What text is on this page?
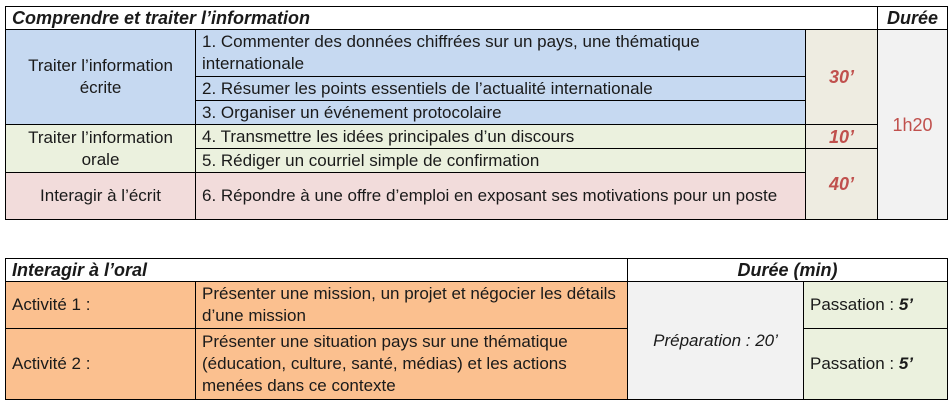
Comprendre et traiter l’information			Durée
Traiter l’information écrite	1. Commenter des données chiffrées sur un pays, une thématique internationale	30’	1h20
	2. Résumer les points essentiels de l’actualité internationale		
	3. Organiser un événement protocolaire		
Traiter l’information orale	4. Transmettre les idées principales d’un discours	10’	
	5. Rédiger un courriel simple de confirmation	40’	
Interagir à l’écrit	6. Répondre à une offre d’emploi en exposant ses motivations pour un poste		
Interagir à l’oral		Durée (min)	
Activité 1 :	Présenter une mission, un projet et négocier les détails d’une mission	Préparation : 20’	Passation : 5’
Activité 2 :	Présenter une situation pays sur une thématique (éducation, culture, santé, médias) et les actions menées dans ce contexte		Passation : 5’
